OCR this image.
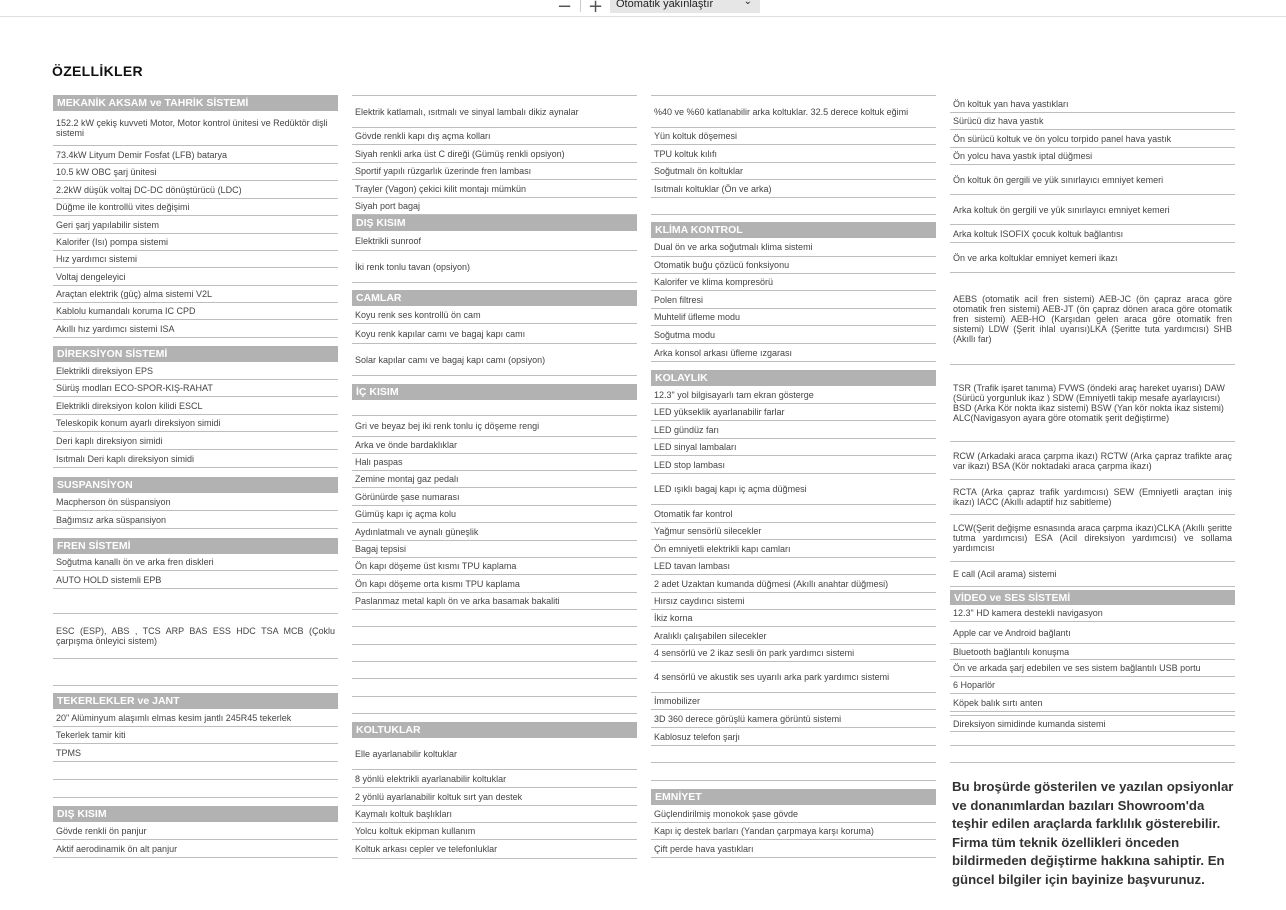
− +	Otomatik yakınlaştır	⌄
ÖZELLİKLER
MEKANİK AKSAM ve TAHRİK SİSTEMİ
152.2 kW çekiş kuvveti Motor, Motor kontrol ünitesi ve Redüktör dişli sistemi
73.4kW Lityum Demir Fosfat (LFB) batarya
10.5 kW OBC şarj ünitesi
2.2kW düşük voltaj DC-DC dönüştürücü (LDC)
Düğme ile kontrollü vites değişimi
Geri şarj yapılabilir sistem
Kalorifer (Isı) pompa sistemi
Hız yardımcı sistemi
Voltaj dengeleyici
Araçtan elektrik (güç) alma sistemi V2L
Kablolu kumandalı koruma IC CPD
Akıllı hız yardımcı sistemi ISA
DİREKSİYON SİSTEMİ
Elektrikli direksiyon EPS
Sürüş modları ECO-SPOR-KIŞ-RAHAT
Elektrikli direksiyon kolon kilidi ESCL
Teleskopik konum ayarlı direksiyon simidi
Deri kaplı direksiyon simidi
Isıtmalı Deri kaplı direksiyon simidi
SUSPANSİYON
Macpherson ön süspansiyon
Bağımsız arka süspansiyon
FREN SİSTEMİ
Soğutma kanallı ön ve arka fren diskleri
AUTO HOLD sistemli EPB
ESC (ESP), ABS , TCS ARP BAS ESS HDC TSA MCB (Çoklu çarpışma önleyici sistem)
TEKERLEKLER ve JANT
20" Alüminyum alaşımlı elmas kesim jantlı 245R45 tekerlek
Tekerlek tamir kiti
TPMS
DIŞ KISIM
Gövde renkli ön panjur
Aktif aerodinamik ön alt panjur
Elektrik katlamalı, ısıtmalı ve sinyal lambalı dikiz aynalar
Gövde renkli kapı dış açma kolları
Siyah renkli arka üst C direği (Gümüş renkli opsiyon)
Sportif yapılı rüzgarlık üzerinde fren lambası
Trayler (Vagon) çekici kilit montajı mümkün
Siyah port bagaj
DIŞ KISIM
Elektrikli sunroof
İki renk tonlu tavan (opsiyon)
CAMLAR
Koyu renk ses kontrollü ön cam
Koyu renk kapılar camı ve bagaj kapı camı
Solar kapılar camı ve bagaj kapı camı (opsiyon)
İÇ KISIM
Gri ve beyaz bej iki renk tonlu iç döşeme rengi
Arka ve önde bardaklıklar
Halı paspas
Zemine montaj gaz pedalı
Görünürde şase numarası
Gümüş kapı iç açma kolu
Aydınlatmalı ve aynalı güneşlik
Bagaj tepsisi
Ön kapı döşeme üst kısmı TPU kaplama
Ön kapı döşeme orta kısmı TPU kaplama
Paslanmaz metal kaplı ön ve arka basamak bakaliti
KOLTUKLAR
Elle ayarlanabilir koltuklar
8 yönlü elektrikli ayarlanabilir koltuklar
2 yönlü ayarlanabilir koltuk sırt yan destek
Kaymalı koltuk başlıkları
Yolcu koltuk ekipman kullanım
Koltuk arkası cepler ve telefonluklar
%40 ve %60 katlanabilir arka koltuklar. 32.5 derece koltuk eğimi
Yün koltuk döşemesi
TPU koltuk kılıfı
Soğutmalı ön koltuklar
Isıtmalı koltuklar (Ön ve arka)
KLİMA KONTROL
Dual ön ve arka soğutmalı klima sistemi
Otomatik buğu çözücü fonksiyonu
Kalorifer ve klima kompresörü
Polen filtresi
Muhtelif üfleme modu
Soğutma modu
Arka konsol arkası üfleme ızgarası
KOLAYLIK
12.3" yol bilgisayarlı tam ekran gösterge
LED yükseklik ayarlanabilir farlar
LED gündüz farı
LED sinyal lambaları
LED stop lambası
LED ışıklı bagaj kapı iç açma düğmesi
Otomatik far kontrol
Yağmur sensörlü silecekler
Ön emniyetli elektrikli kapı camları
LED tavan lambası
2 adet Uzaktan kumanda düğmesi (Akıllı anahtar düğmesi)
Hırsız caydırıcı sistemi
İkiz korna
Aralıklı çalışabilen silecekler
4 sensörlü ve 2 ikaz sesli ön park yardımcı sistemi
4 sensörlü ve akustik ses uyarılı arka park yardımcı sistemi
İmmobilizer
3D 360 derece görüşlü kamera görüntü sistemi
Kablosuz telefon şarjı
EMNİYET
Güçlendirilmiş monokok şase gövde
Kapı iç destek barları (Yandan çarpmaya karşı koruma)
Çift perde hava yastıkları
Ön koltuk yan hava yastıkları
Sürücü diz hava yastık
Ön sürücü koltuk ve ön yolcu torpido panel hava yastık
Ön yolcu hava yastık iptal düğmesi
Ön koltuk ön gergili ve yük sınırlayıcı emniyet kemeri
Arka koltuk ön gergili ve yük sınırlayıcı emniyet kemeri
Arka koltuk ISOFIX çocuk koltuk bağlantısı
Ön ve arka koltuklar emniyet kemeri ikazı
AEBS (otomatik acil fren sistemi) AEB-JC (ön çapraz araca göre otomatik fren sistemi) AEB-JT (ön çapraz dönen araca göre otomatik fren sistemi) AEB-HO (Karşıdan gelen araca göre otomatik fren sistemi) LDW (Şerit ihlal uyarısı)LKA (Şeritte tuta yardımcısı) SHB (Akıllı far)
TSR (Trafik işaret tanıma) FVWS (öndeki araç hareket uyarısı) DAW (Sürücü yorgunluk ikaz ) SDW (Emniyetli takip mesafe ayarlayıcısı) BSD (Arka Kör nokta ikaz sistemi) BSW (Yan kör nokta ikaz sistemi) ALC(Navigasyon ayara göre otomatik şerit değiştirme)
RCW (Arkadaki araca çarpma ikazı) RCTW (Arka çapraz trafikte araç var ikazı) BSA (Kör noktadaki araca çarpma ikazı)
RCTA (Arka çapraz trafik yardımcısı) SEW (Emniyetli araçtan iniş ikazı) IACC (Akıllı adaptif hız sabitleme)
LCW(Şerit değişme esnasında araca çarpma ikazı)CLKA (Akıllı şeritte tutma yardımcısı) ESA (Acil direksiyon yardımcısı) ve sollama yardımcısı
E call (Acil arama) sistemi
VİDEO ve SES SİSTEMİ
12.3" HD kamera destekli navigasyon
Apple car ve Android bağlantı
Bluetooth bağlantılı konuşma
Ön ve arkada şarj edebilen ve ses sistem bağlantılı USB portu
6 Hoparlör
Köpek balık sırtı anten
Direksiyon simidinde kumanda sistemi
Bu broşürde gösterilen ve yazılan opsiyonlar ve donanımlardan bazıları Showroom'da teşhir edilen araçlarda farklılık gösterebilir. Firma tüm teknik özellikleri önceden bildirmeden değiştirme hakkına sahiptir. En güncel bilgiler için bayinize başvurunuz.
